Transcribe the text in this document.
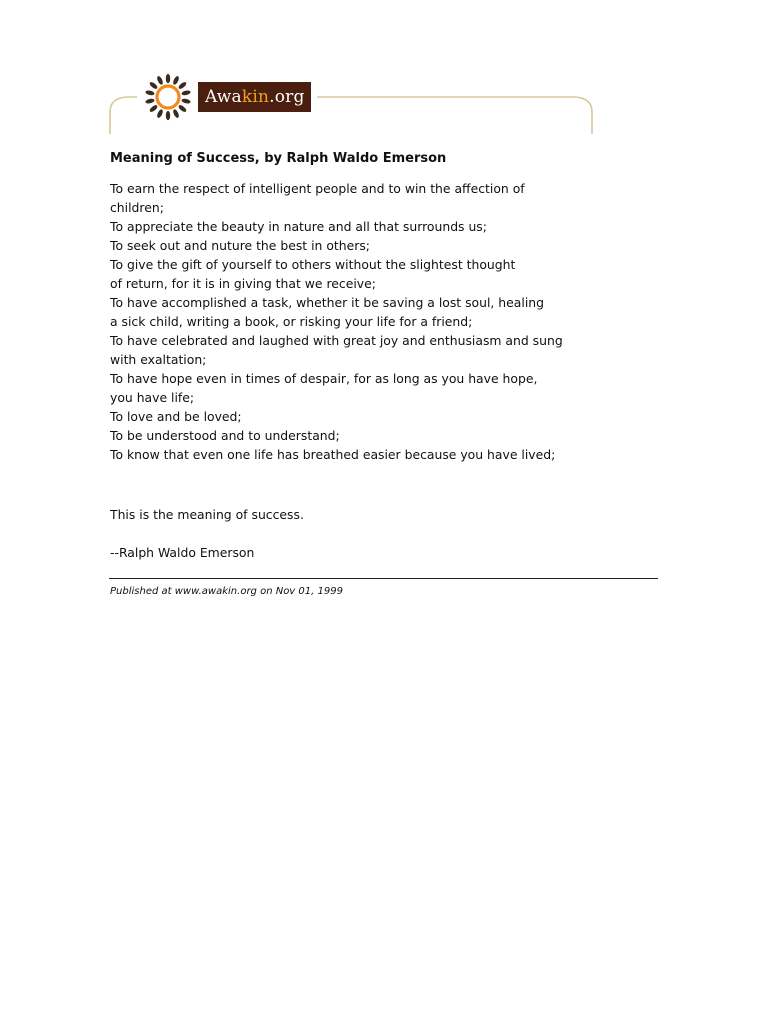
Awakin.org
Meaning of Success, by Ralph Waldo Emerson
To earn the respect of intelligent people and to win the affection of
children;
To appreciate the beauty in nature and all that surrounds us;
To seek out and nuture the best in others;
To give the gift of yourself to others without the slightest thought
of return, for it is in giving that we receive;
To have accomplished a task, whether it be saving a lost soul, healing
a sick child, writing a book, or risking your life for a friend;
To have celebrated and laughed with great joy and enthusiasm and sung
with exaltation;
To have hope even in times of despair, for as long as you have hope,
you have life;
To love and be loved;
To be understood and to understand;
To know that even one life has breathed easier because you have lived;

This is the meaning of success.

--Ralph Waldo Emerson

Published at www.awakin.org on Nov 01, 1999
